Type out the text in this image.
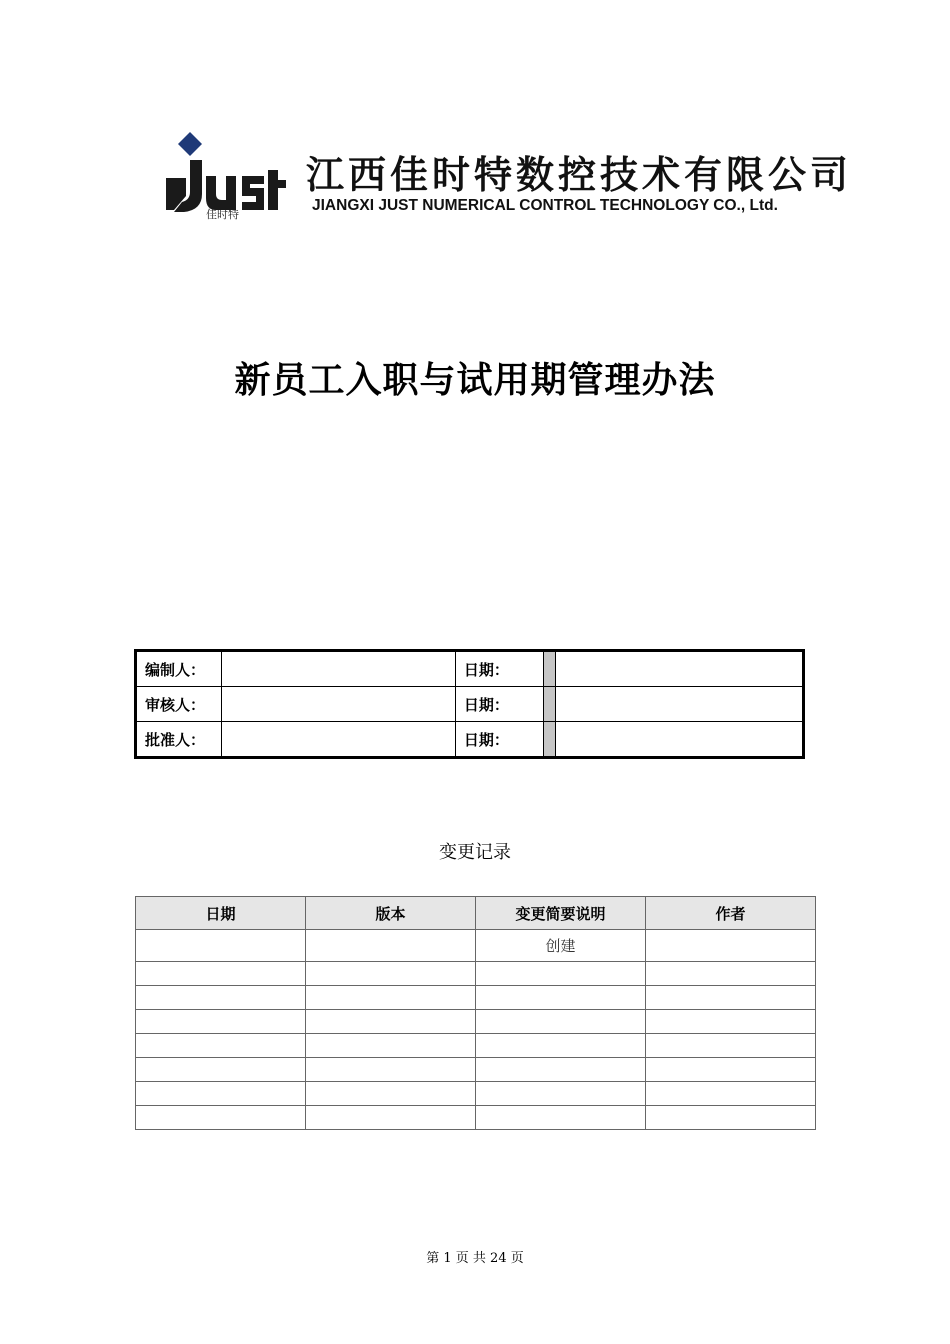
佳时特
江西佳时特数控技术有限公司
JIANGXI JUST NUMERICAL CONTROL TECHNOLOGY CO., Ltd.
新员工入职与试用期管理办法
编制人：		日期：		
审核人：		日期：		
批准人：		日期：		
变更记录
日期	版本	变更简要说明	作者
		创建	

第 1 页 共 24 页
